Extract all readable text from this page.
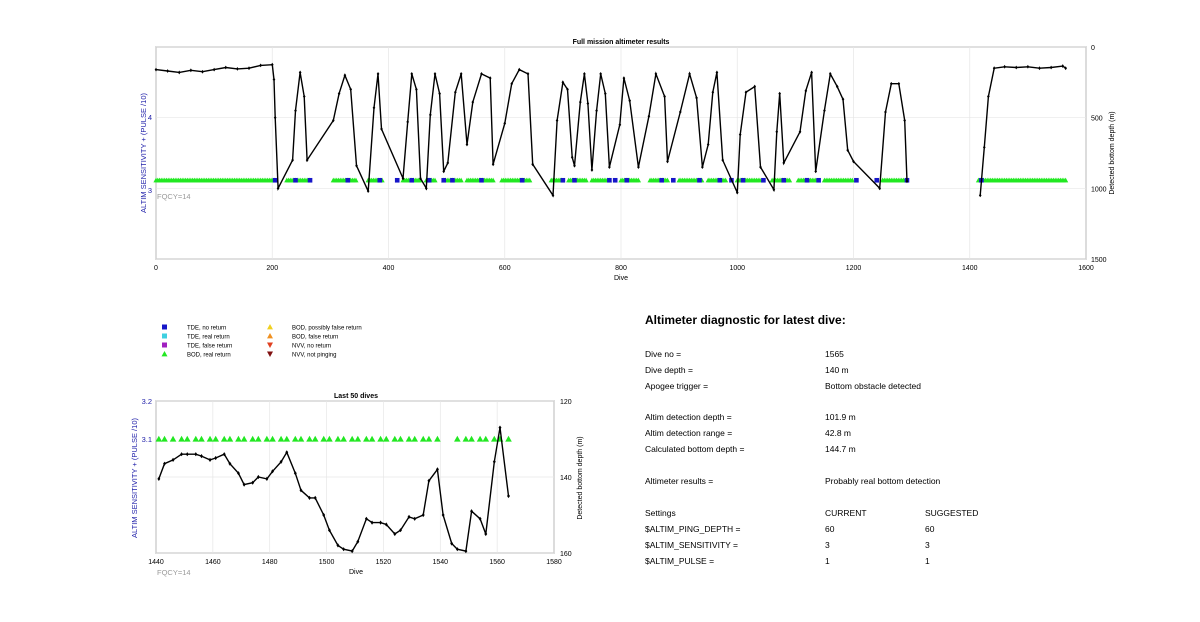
Full mission altimeter results
Dive
ALTIM SENSITIVITY + (PULSE /10)	Detected bottom depth (m)
FQCY=14
0	200	400	600	800	1000	1200	1400	1600
0
500
1000
1500
4
3
TDE, no return
TDE, real return
TDE, false return
BOD, real return
BOD, possibly false return
BOD, false return
NVV, no return
NVV, not pinging
Last 50 dives
Dive
ALTIM SENSITIVITY + (PULSE /10)	Detected bottom depth (m)
FQCY=14
1440	1460	1480	1500	1520	1540	1560	1580
120
140
160
3.2
3.1
Altimeter diagnostic for latest dive:
Dive no =	1565
Dive depth =	140 m
Apogee trigger =	Bottom obstacle detected
Altim detection depth =	101.9 m
Altim detection range =	42.8 m
Calculated bottom depth =	144.7 m
Altimeter results =	Probably real bottom detection
Settings	CURRENT	SUGGESTED
$ALTIM_PING_DEPTH =	60	60
$ALTIM_SENSITIVITY =	3	3
$ALTIM_PULSE =	1	1
